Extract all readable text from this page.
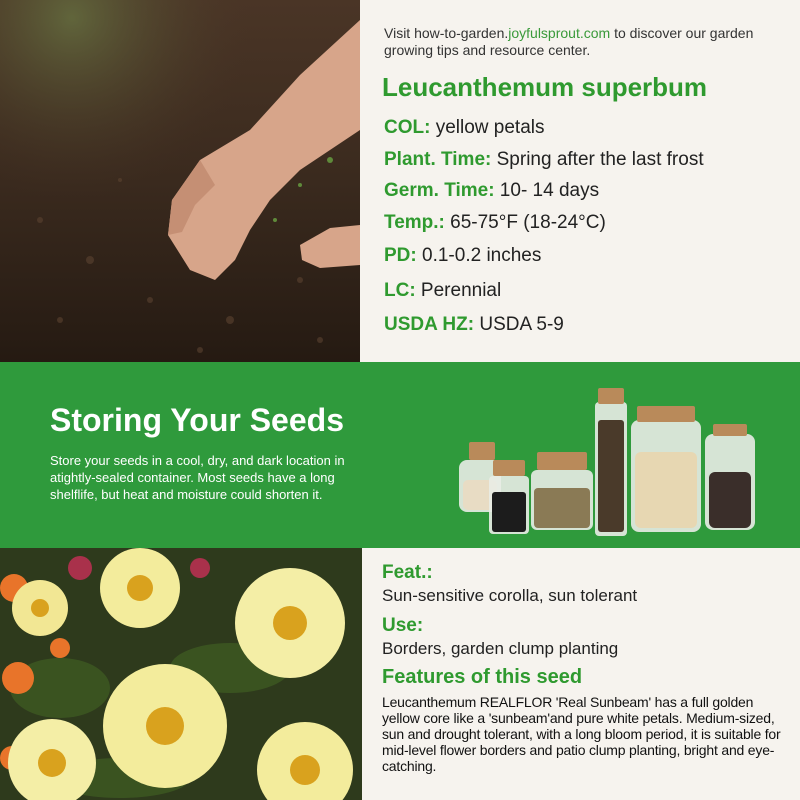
Visit how-to-garden.joyfulsprout.com to discover our garden growing tips and resource center.
Leucanthemum superbum
COL: yellow petals
Plant. Time: Spring after the last frost
Germ. Time: 10- 14 days
Temp.: 65-75°F (18-24°C)
PD: 0.1-0.2 inches
LC: Perennial
USDA HZ: USDA 5-9
Storing Your Seeds
Store your seeds in a cool, dry, and dark location in atightly-sealed container. Most seeds have a long shelflife, but heat and moisture could shorten it.
Feat.:
Sun-sensitive corolla, sun tolerant
Use:
Borders, garden clump planting
Features of this seed
Leucanthemum REALFLOR 'Real Sunbeam' has a full golden yellow core like a 'sunbeam'and pure white petals. Medium-sized, sun and drought tolerant, with a long bloom period, it is suitable for mid-level flower borders and patio clump planting, bright and eye-catching.
